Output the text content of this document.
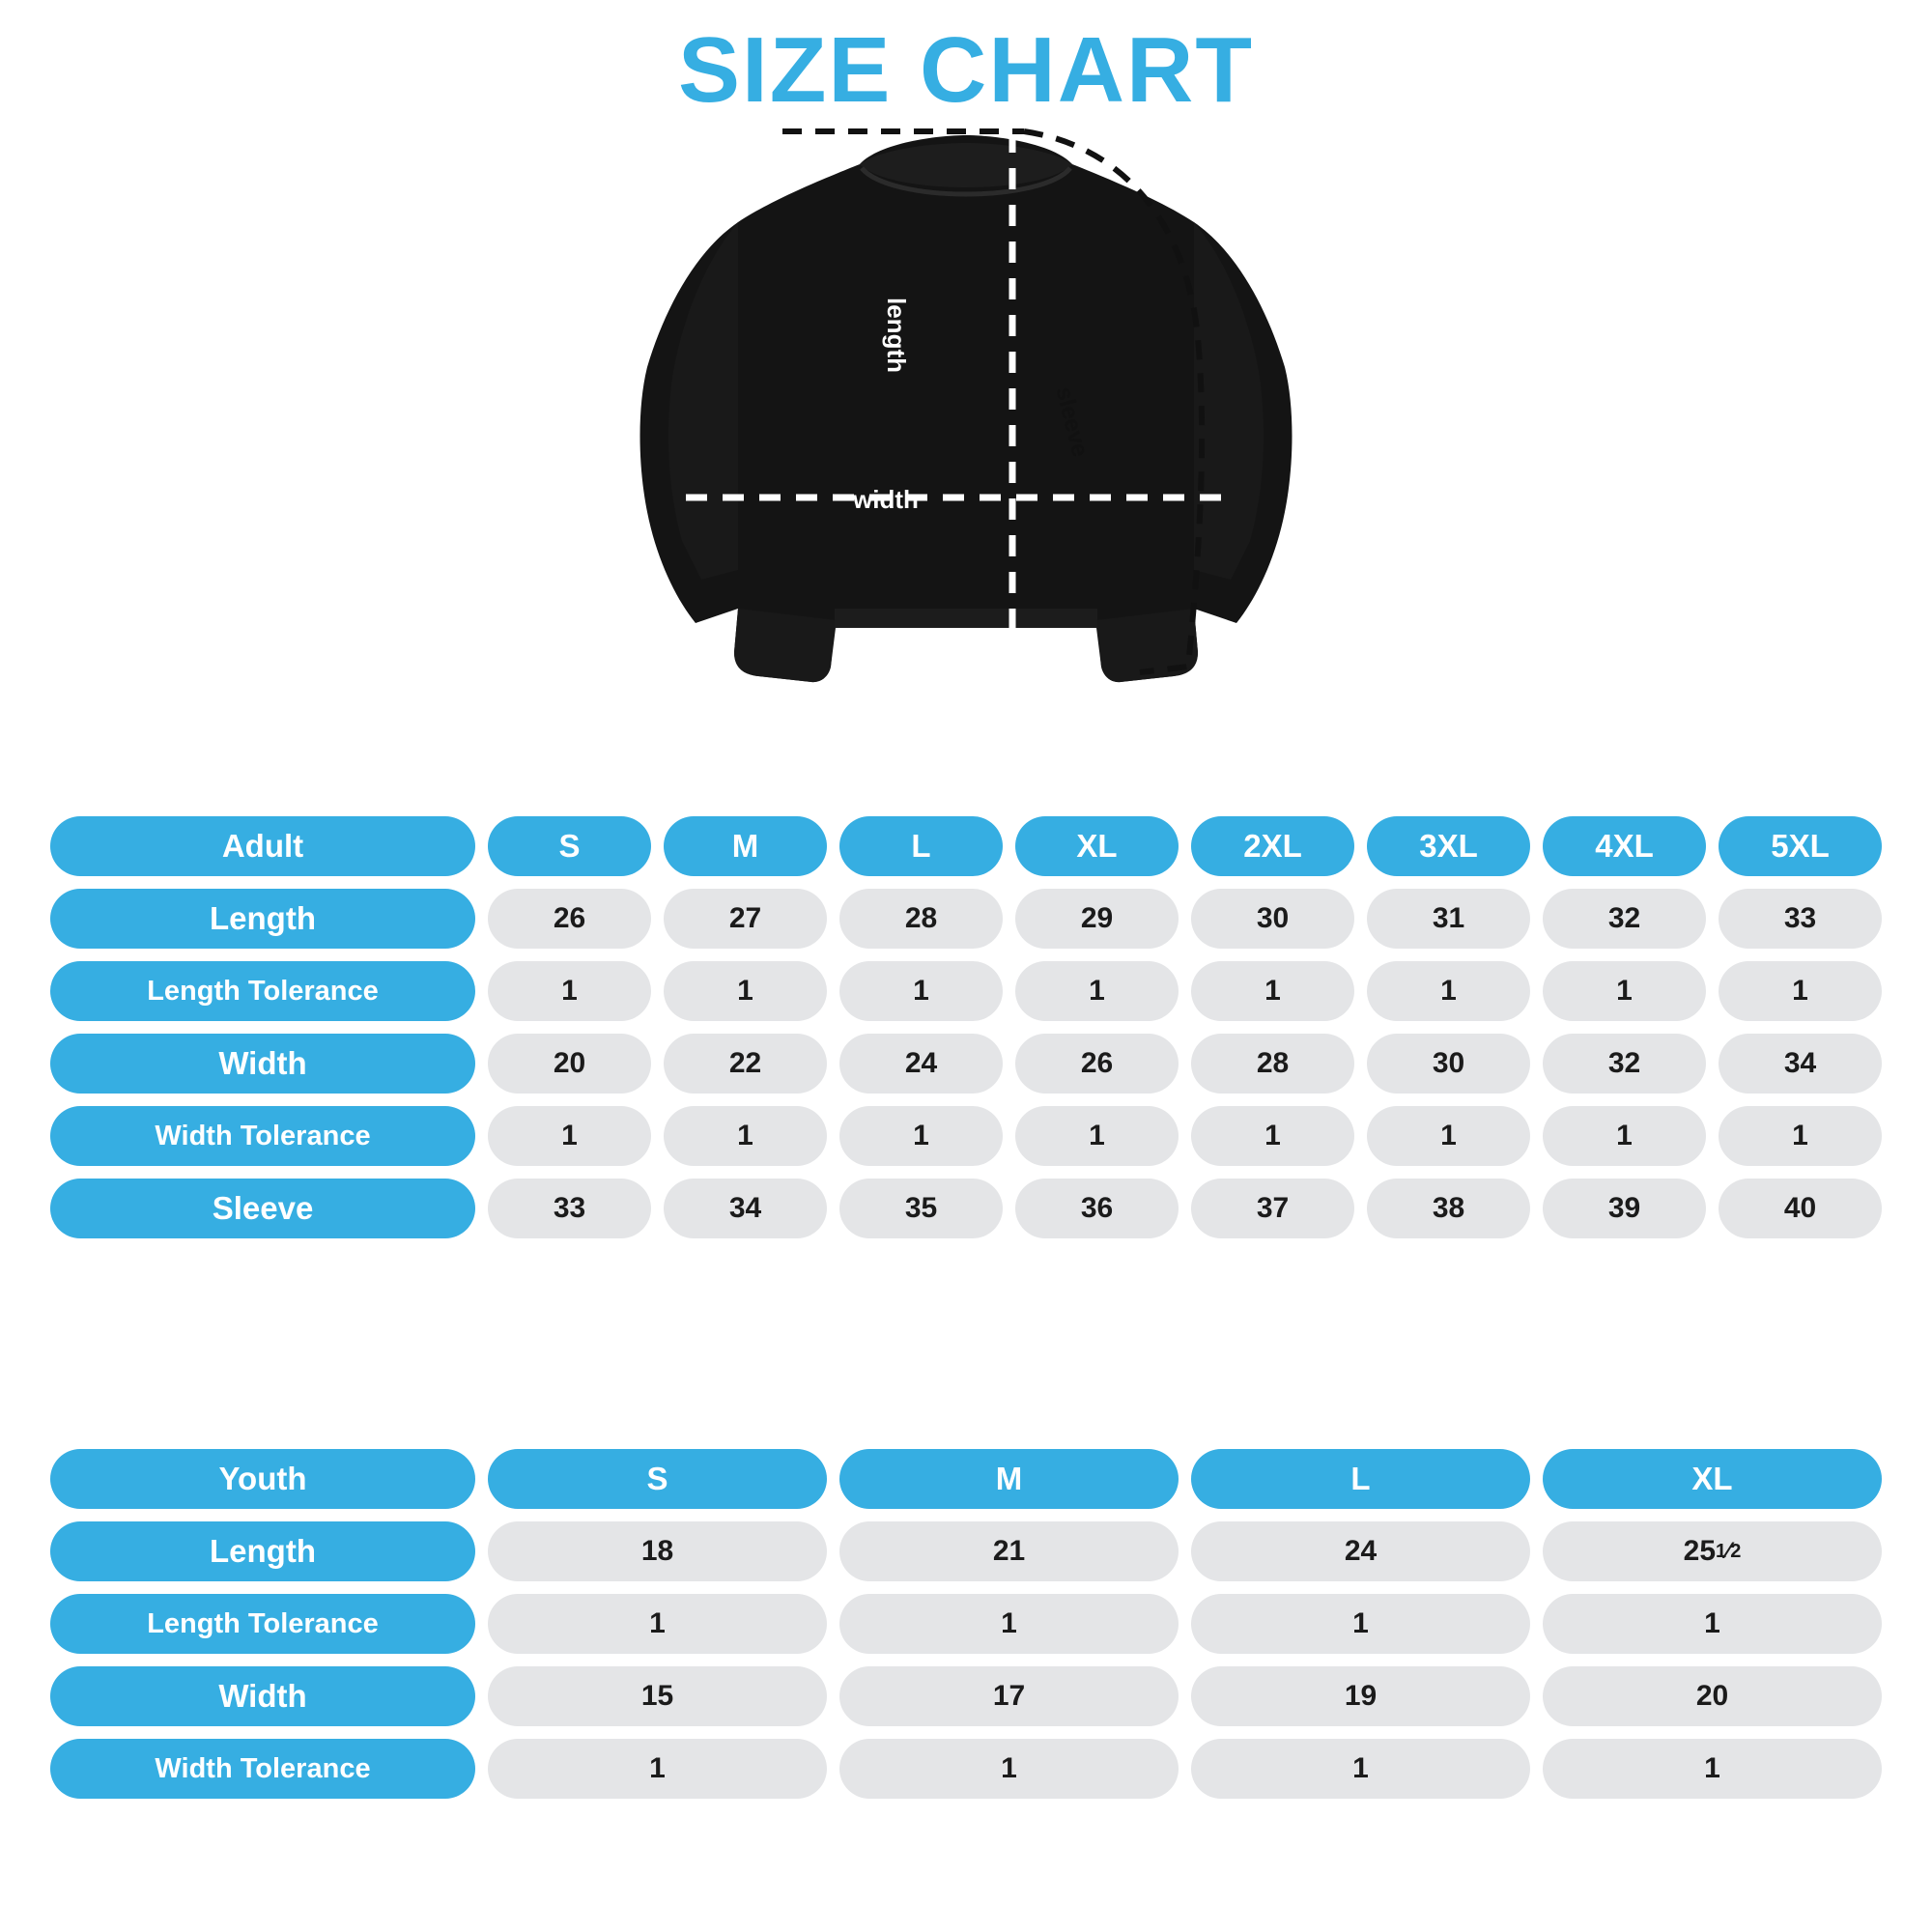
SIZE CHART
width
length
sleeve
Adult	S	M	L	XL	2XL	3XL	4XL	5XL
Length	26	27	28	29	30	31	32	33
Length Tolerance	1	1	1	1	1	1	1	1
Width	20	22	24	26	28	30	32	34
Width Tolerance	1	1	1	1	1	1	1	1
Sleeve	33	34	35	36	37	38	39	40
Youth	S	M	L	XL
Length	18	21	24	25 1 ⁄ 2
Length Tolerance	1	1	1	1
Width	15	17	19	20
Width Tolerance	1	1	1	1
